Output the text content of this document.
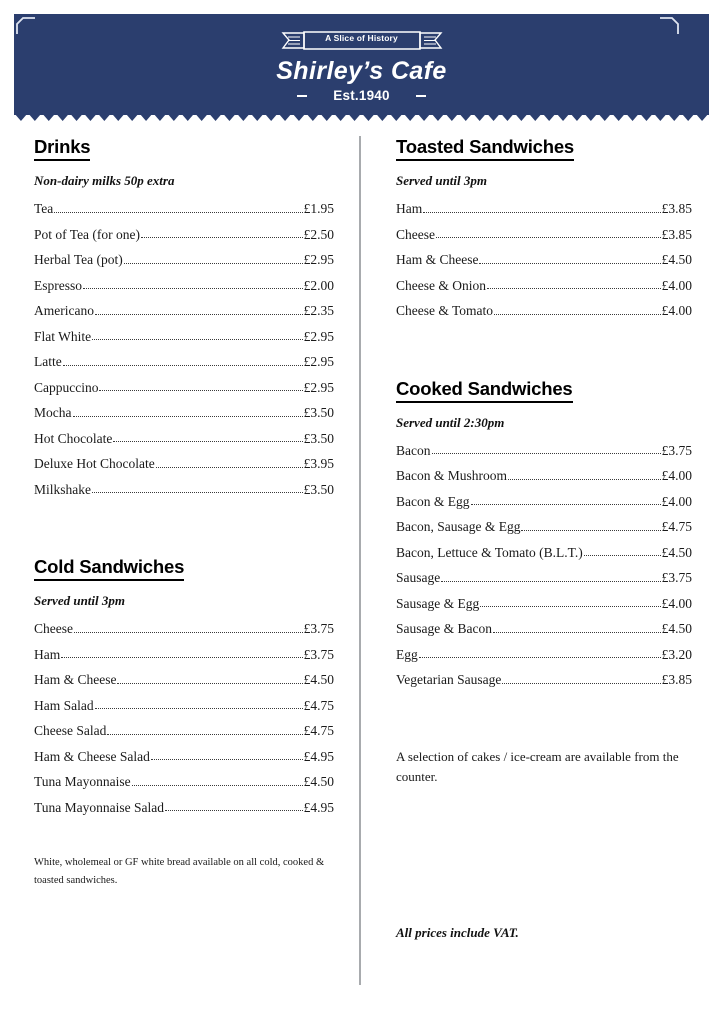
A Slice of History
Shirley’s Cafe
Est.1940
Drinks
Non-dairy milks 50p extra
Tea	£1.95
Pot of Tea (for one)	£2.50
Herbal Tea (pot)	£2.95
Espresso	£2.00
Americano	£2.35
Flat White	£2.95
Latte	£2.95
Cappuccino	£2.95
Mocha	£3.50
Hot Chocolate	£3.50
Deluxe Hot Chocolate	£3.95
Milkshake	£3.50
Cold Sandwiches
Served until 3pm
Cheese	£3.75
Ham	£3.75
Ham & Cheese	£4.50
Ham Salad	£4.75
Cheese Salad	£4.75
Ham & Cheese Salad	£4.95
Tuna Mayonnaise	£4.50
Tuna Mayonnaise Salad	£4.95
White, wholemeal or GF white bread available on all cold, cooked & toasted sandwiches.
Toasted Sandwiches
Served until 3pm
Ham	£3.85
Cheese	£3.85
Ham & Cheese	£4.50
Cheese & Onion	£4.00
Cheese & Tomato	£4.00
Cooked Sandwiches
Served until 2:30pm
Bacon	£3.75
Bacon & Mushroom	£4.00
Bacon & Egg	£4.00
Bacon, Sausage & Egg	£4.75
Bacon, Lettuce & Tomato (B.L.T.)	£4.50
Sausage	£3.75
Sausage & Egg	£4.00
Sausage & Bacon	£4.50
Egg	£3.20
Vegetarian Sausage	£3.85
A selection of cakes / ice-cream are available from the counter.
All prices include VAT.
